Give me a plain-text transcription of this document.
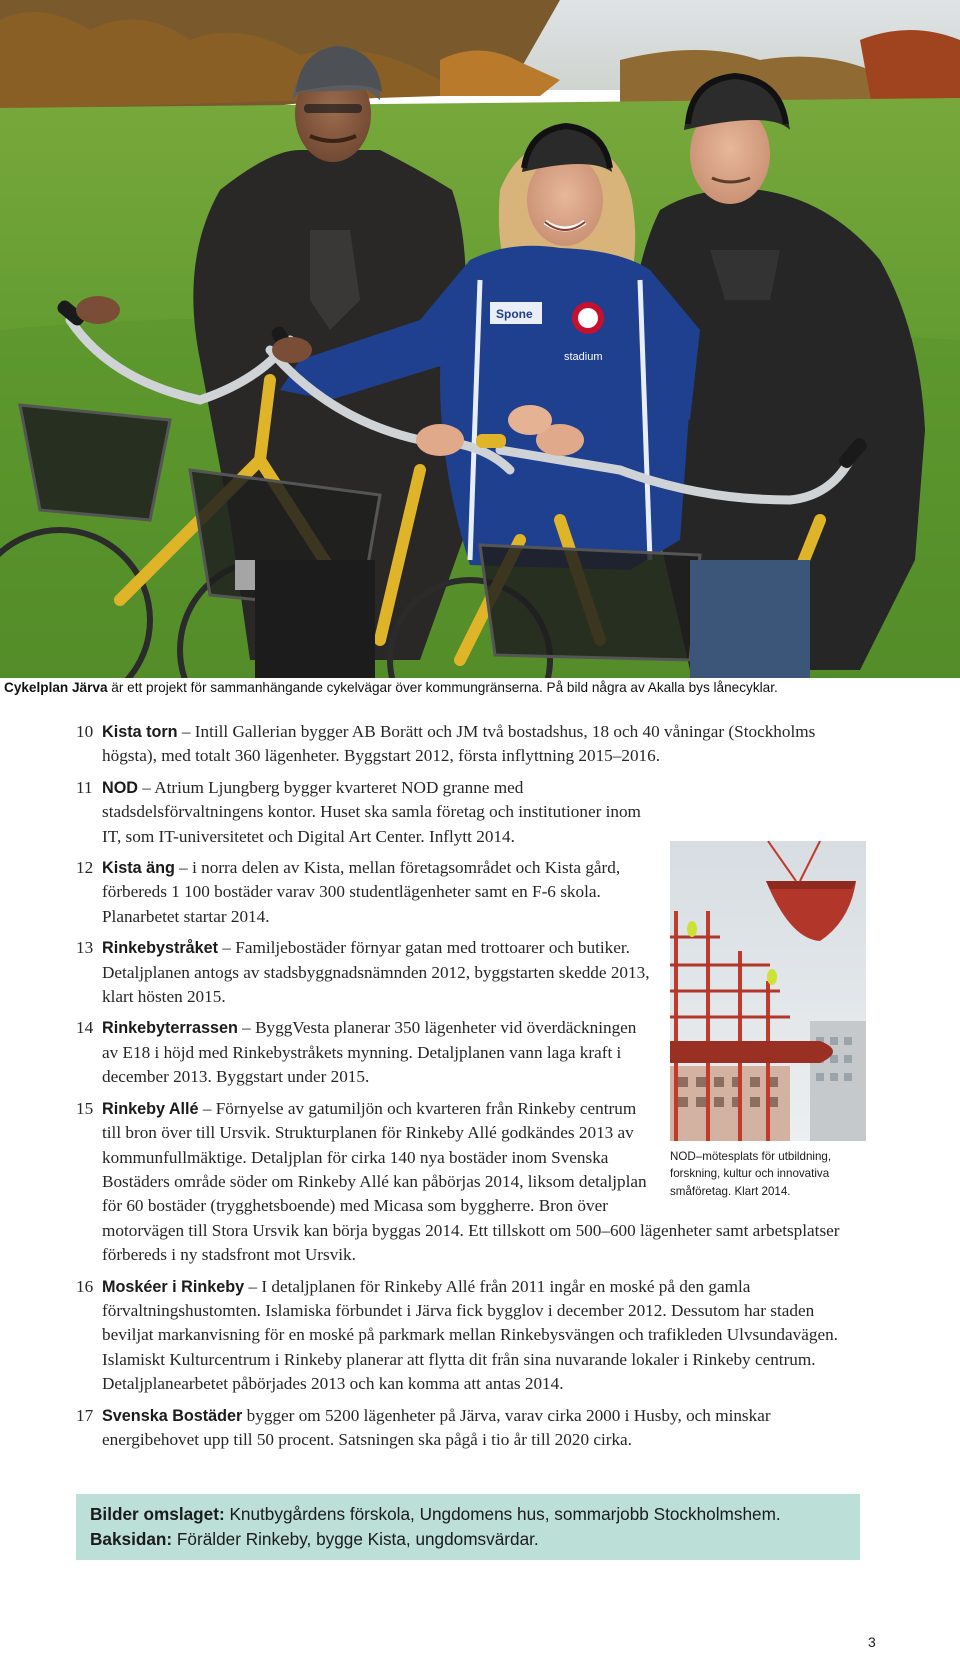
Spone
stadium
Cykelplan Järva är ett projekt för sammanhängande cykelvägar över kommungränserna. På bild några av Akalla bys lånecyklar.

10 Kista torn – Intill Gallerian bygger AB Borätt och JM två bostadshus, 18 och 40 våningar (Stockholms högsta), med totalt 360 lägenheter. Byggstart 2012, första inflyttning 2015–2016.

NOD–mötesplats för utbildning, forskning, kultur och innovativa småföretag. Klart 2014.

11 NOD – Atrium Ljungberg bygger kvarteret NOD granne med stadsdelsförvaltningens kontor. Huset ska samla företag och institutioner inom IT, som IT-universitetet och Digital Art Center. Inflytt 2014.

12 Kista äng – i norra delen av Kista, mellan företagsområdet och Kista gård, förbereds 1 100 bostäder varav 300 studentlägenheter samt en F-6 skola. Planarbetet startar 2014.

13 Rinkebystråket – Familjebostäder förnyar gatan med trottoarer och butiker. Detaljplanen antogs av stadsbyggnadsnämnden 2012, byggstarten skedde 2013, klart hösten 2015.

14 Rinkebyterrassen – ByggVesta planerar 350 lägenheter vid överdäckningen av E18 i höjd med Rinkebystråkets mynning. Detaljplanen vann laga kraft i december 2013. Byggstart under 2015.

15 Rinkeby Allé – Förnyelse av gatumiljön och kvarteren från Rinkeby centrum till bron över till Ursvik. Strukturplanen för Rinkeby Allé godkändes 2013 av kommunfullmäktige. Detaljplan för cirka 140 nya bostäder inom Svenska Bostäders område söder om Rinkeby Allé kan påbörjas 2014, liksom detaljplan för 60 bostäder (trygghetsboende) med Micasa som byggherre. Bron över motorvägen till Stora Ursvik kan börja byggas 2014. Ett tillskott om 500–600 lägenheter samt arbetsplatser förbereds i ny stadsfront mot Ursvik.

16 Moskéer i Rinkeby – I detaljplanen för Rinkeby Allé från 2011 ingår en moské på den gamla förvaltningshustomten. Islamiska förbundet i Järva fick bygglov i december 2012. Dessutom har staden beviljat markanvisning för en moské på parkmark mellan Rinkebysvängen och trafikleden Ulvsundavägen. Islamiskt Kulturcentrum i Rinkeby planerar att flytta dit från sina nuvarande lokaler i Rinkeby centrum. Detaljplanearbetet påbörjades 2013 och kan komma att antas 2014.

17 Svenska Bostäder bygger om 5200 lägenheter på Järva, varav cirka 2000 i Husby, och minskar energibehovet upp till 50 procent. Satsningen ska pågå i tio år till 2020 cirka.

Bilder omslaget: Knutbygårdens förskola, Ungdomens hus, sommarjobb Stockholmshem. Baksidan: Förälder Rinkeby, bygge Kista, ungdomsvärdar.
3
